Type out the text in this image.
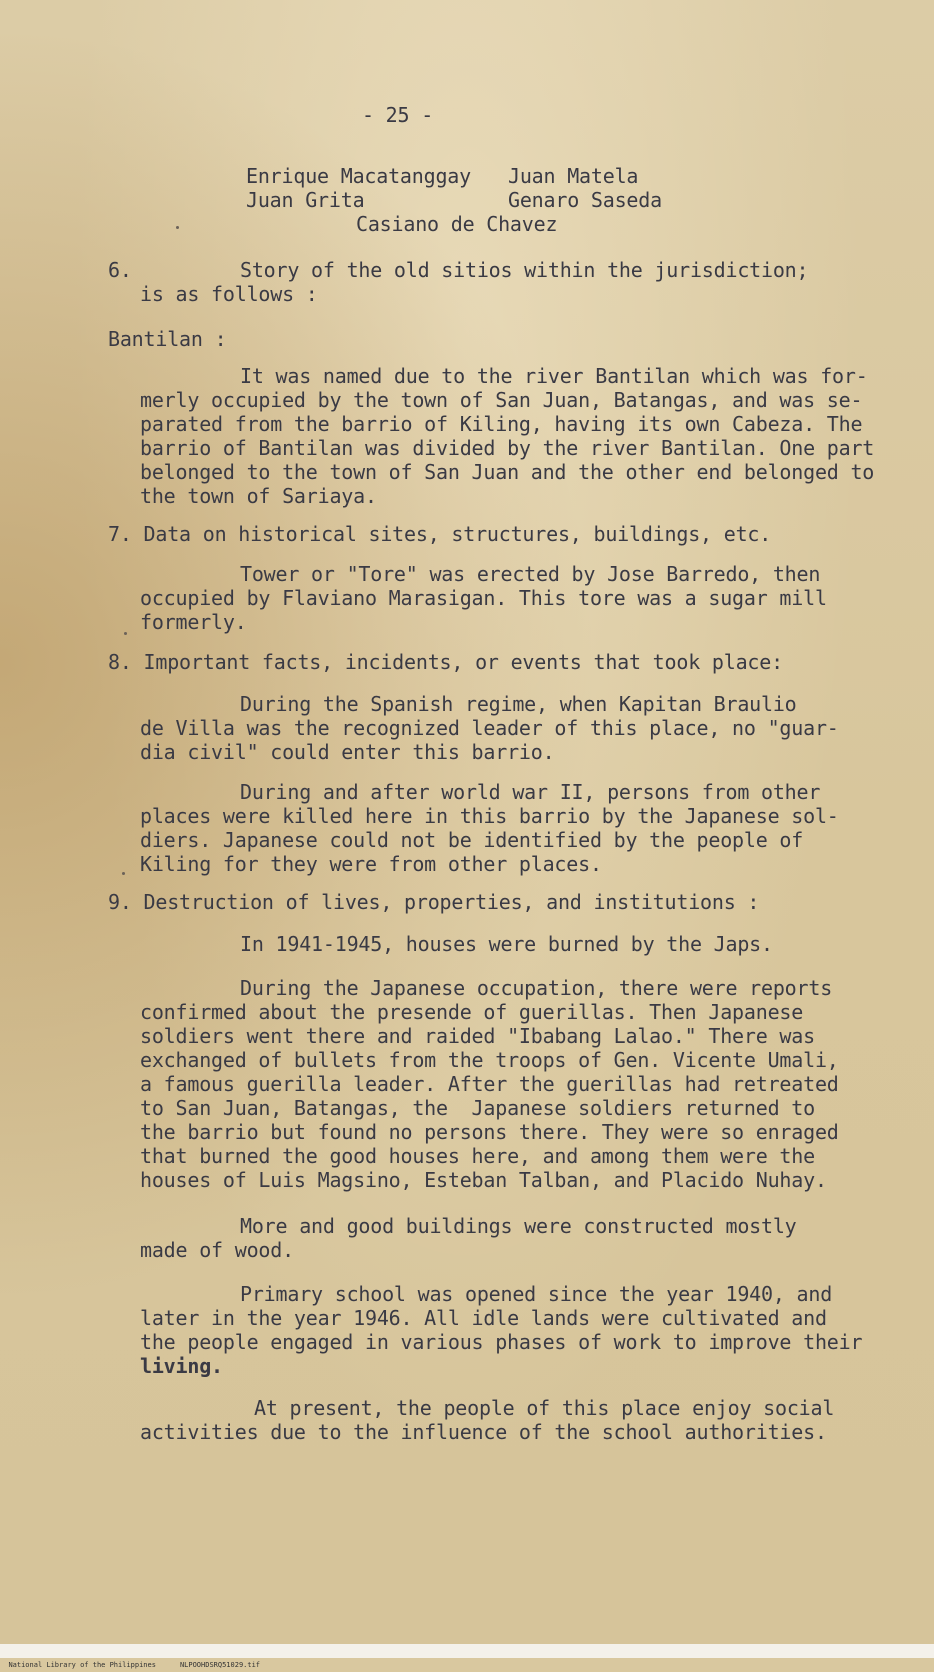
- 25 -
Enrique Macatanggay Juan Matela
Juan Grita	Genaro Saseda
Casiano de Chavez
6.	Story of the old sitios within the jurisdiction;
is as follows :
Bantilan :
It was named due to the river Bantilan which was for-
merly occupied by the town of San Juan, Batangas, and was se-
parated from the barrio of Kiling, having its own Cabeza. The
barrio of Bantilan was divided by the river Bantilan. One part
belonged to the town of San Juan and the other end belonged to
the town of Sariaya.
7. Data on historical sites, structures, buildings, etc.
Tower or "Tore" was erected by Jose Barredo, then
occupied by Flaviano Marasigan. This tore was a sugar mill
formerly.
8. Important facts, incidents, or events that took place:
During the Spanish regime, when Kapitan Braulio
de Villa was the recognized leader of this place, no "guar-
dia civil" could enter this barrio.
During and after world war II, persons from other
places were killed here in this barrio by the Japanese sol-
diers. Japanese could not be identified by the people of
Kiling for they were from other places.
9. Destruction of lives, properties, and institutions :
In 1941-1945, houses were burned by the Japs.
During the Japanese occupation, there were reports
confirmed about the presende of guerillas. Then Japanese
soldiers went there and raided "Ibabang Lalao." There was
exchanged of bullets from the troops of Gen. Vicente Umali,
a famous guerilla leader. After the guerillas had retreated
to San Juan, Batangas, the  Japanese soldiers returned to
the barrio but found no persons there. They were so enraged
that burned the good houses here, and among them were the
houses of Luis Magsino, Esteban Talban, and Placido Nuhay.
More and good buildings were constructed mostly
made of wood.
Primary school was opened since the year 1940, and
later in the year 1946. All idle lands were cultivated and
the people engaged in various phases of work to improve their
living.
At present, the people of this place enjoy social
activities due to the influence of the school authorities.

National Library of the Philippines	NLPOOHDSRQ51029.tif
